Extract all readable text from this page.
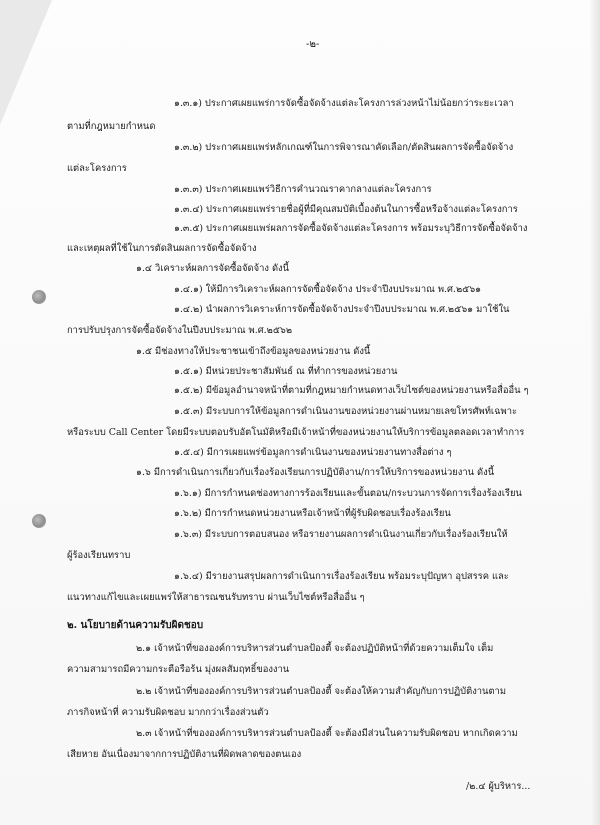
-๒-
๑.๓.๑) ประกาศเผยแพร่การจัดซื้อจัดจ้างแต่ละโครงการล่วงหน้าไม่น้อยกว่าระยะเวลา
ตามที่กฎหมายกำหนด
๑.๓.๒) ประกาศเผยแพร่หลักเกณฑ์ในการพิจารณาคัดเลือก/ตัดสินผลการจัดซื้อจัดจ้าง
แต่ละโครงการ
๑.๓.๓) ประกาศเผยแพร่วิธีการคำนวณราคากลางแต่ละโครงการ
๑.๓.๔) ประกาศเผยแพร่รายชื่อผู้ที่มีคุณสมบัติเบื้องต้นในการซื้อหรือจ้างแต่ละโครงการ
๑.๓.๕) ประกาศเผยแพร่ผลการจัดซื้อจัดจ้างแต่ละโครงการ พร้อมระบุวิธีการจัดซื้อจัดจ้าง
และเหตุผลที่ใช้ในการตัดสินผลการจัดซื้อจัดจ้าง
๑.๔ วิเคราะห์ผลการจัดซื้อจัดจ้าง ดังนี้
๑.๔.๑) ให้มีการวิเคราะห์ผลการจัดซื้อจัดจ้าง ประจำปีงบประมาณ พ.ศ.๒๕๖๑
๑.๔.๒) นำผลการวิเคราะห์การจัดซื้อจัดจ้างประจำปีงบประมาณ พ.ศ.๒๕๖๑ มาใช้ใน
การปรับปรุงการจัดซื้อจัดจ้างในปีงบประมาณ พ.ศ.๒๕๖๒
๑.๕ มีช่องทางให้ประชาชนเข้าถึงข้อมูลของหน่วยงาน ดังนี้
๑.๕.๑) มีหน่วยประชาสัมพันธ์ ณ ที่ทำการของหน่วยงาน
๑.๕.๒) มีข้อมูลอำนาจหน้าที่ตามที่กฎหมายกำหนดทางเว็บไซต์ของหน่วยงานหรือสื่ออื่น ๆ
๑.๕.๓) มีระบบการให้ข้อมูลการดำเนินงานของหน่วยงานผ่านหมายเลขโทรศัพท์เฉพาะ
หรือระบบ Call Center โดยมีระบบตอบรับอัตโนมัติหรือมีเจ้าหน้าที่ของหน่วยงานให้บริการข้อมูลตลอดเวลาทำการ
๑.๕.๔) มีการเผยแพร่ข้อมูลการดำเนินงานของหน่วยงานทางสื่อต่าง ๆ
๑.๖ มีการดำเนินการเกี่ยวกับเรื่องร้องเรียนการปฏิบัติงาน/การให้บริการของหน่วยงาน ดังนี้
๑.๖.๑) มีการกำหนดช่องทางการร้องเรียนและขั้นตอน/กระบวนการจัดการเรื่องร้องเรียน
๑.๖.๒) มีการกำหนดหน่วยงานหรือเจ้าหน้าที่ผู้รับผิดชอบเรื่องร้องเรียน
๑.๖.๓) มีระบบการตอบสนอง หรือรายงานผลการดำเนินงานเกี่ยวกับเรื่องร้องเรียนให้
ผู้ร้องเรียนทราบ
๑.๖.๔) มีรายงานสรุปผลการดำเนินการเรื่องร้องเรียน พร้อมระบุปัญหา อุปสรรค และ
แนวทางแก้ไขและเผยแพร่ให้สาธารณชนรับทราบ ผ่านเว็บไซต์หรือสื่ออื่น ๆ
๒. นโยบายด้านความรับผิดชอบ
๒.๑ เจ้าหน้าที่ขององค์การบริหารส่วนตำบลป้องตี้ จะต้องปฏิบัติหน้าที่ด้วยความเต็มใจ เต็ม
ความสามารถมีความกระตือรือร้น มุ่งผลสัมฤทธิ์ของงาน
๒.๒ เจ้าหน้าที่ขององค์การบริหารส่วนตำบลป้องตี้ จะต้องให้ความสำคัญกับการปฏิบัติงานตาม
ภารกิจหน้าที่ ความรับผิดชอบ มากกว่าเรื่องส่วนตัว
๒.๓ เจ้าหน้าที่ขององค์การบริหารส่วนตำบลป้องตี้ จะต้องมีส่วนในความรับผิดชอบ หากเกิดความ
เสียหาย อันเนื่องมาจากการปฏิบัติงานที่ผิดพลาดของตนเอง
/๒.๔ ผู้บริหาร...
